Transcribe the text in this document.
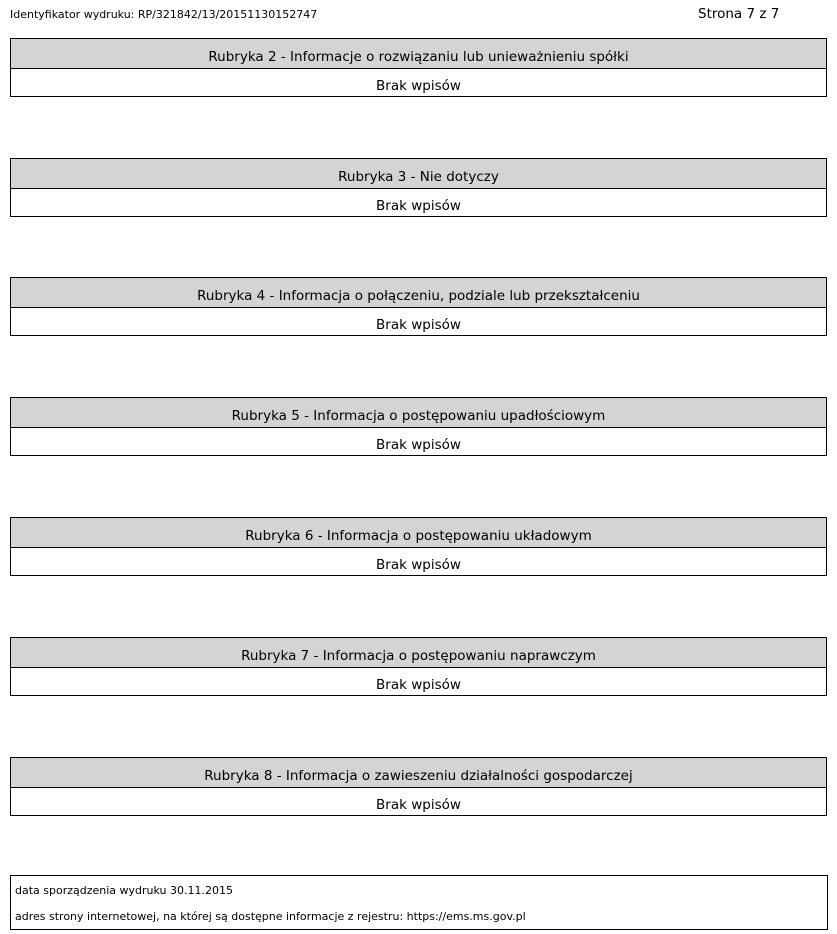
Identyfikator wydruku: RP/321842/13/20151130152747	Strona 7 z 7
Rubryka 2 - Informacje o rozwiązaniu lub unieważnieniu spółki
Brak wpisów
Rubryka 3 - Nie dotyczy
Brak wpisów
Rubryka 4 - Informacja o połączeniu, podziale lub przekształceniu
Brak wpisów
Rubryka 5 - Informacja o postępowaniu upadłościowym
Brak wpisów
Rubryka 6 - Informacja o postępowaniu układowym
Brak wpisów
Rubryka 7 - Informacja o postępowaniu naprawczym
Brak wpisów
Rubryka 8 - Informacja o zawieszeniu działalności gospodarczej
Brak wpisów
data sporządzenia wydruku 30.11.2015
adres strony internetowej, na której są dostępne informacje z rejestru: https://ems.ms.gov.pl
